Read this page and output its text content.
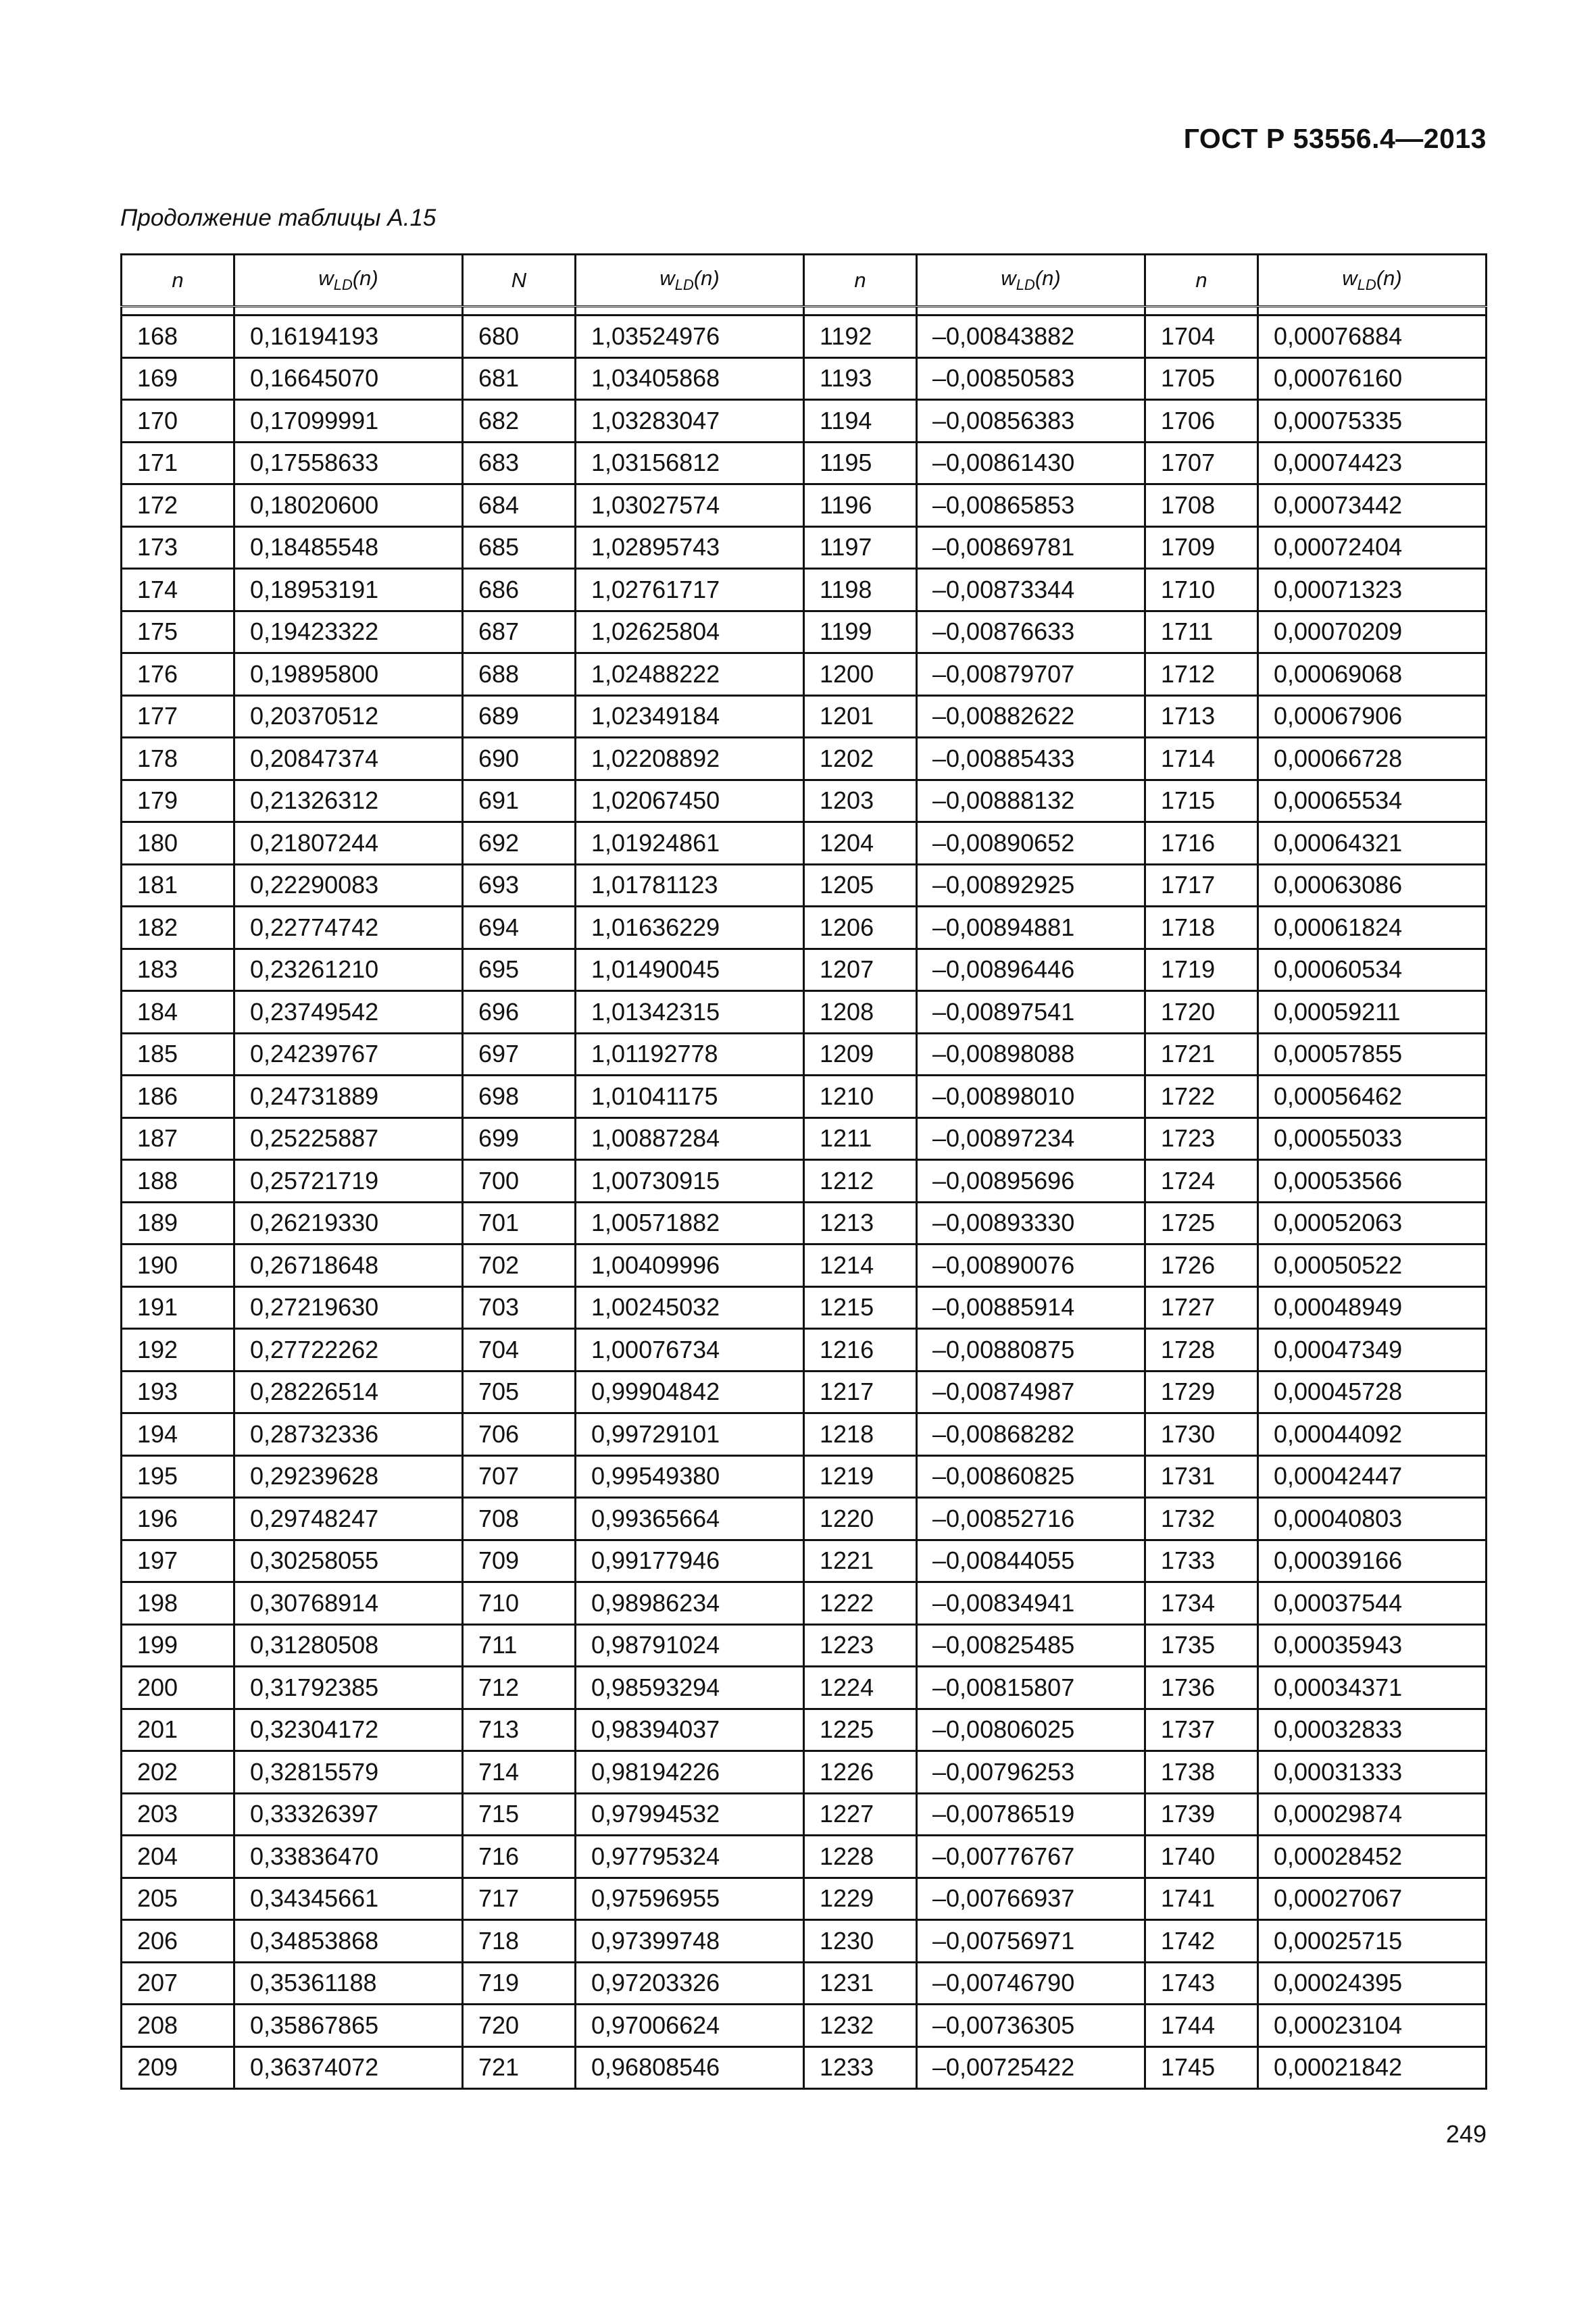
ГОСТ Р 53556.4—2013
Продолжение таблицы А.15
n	$w_{LD}(n)$	N	$w_{LD}(n)$	n	$w_{LD}(n)$	n	$w_{LD}(n)$

168	0,16194193	680	1,03524976	1192	–0,00843882	1704	0,00076884
169	0,16645070	681	1,03405868	1193	–0,00850583	1705	0,00076160
170	0,17099991	682	1,03283047	1194	–0,00856383	1706	0,00075335
171	0,17558633	683	1,03156812	1195	–0,00861430	1707	0,00074423
172	0,18020600	684	1,03027574	1196	–0,00865853	1708	0,00073442
173	0,18485548	685	1,02895743	1197	–0,00869781	1709	0,00072404
174	0,18953191	686	1,02761717	1198	–0,00873344	1710	0,00071323
175	0,19423322	687	1,02625804	1199	–0,00876633	1711	0,00070209
176	0,19895800	688	1,02488222	1200	–0,00879707	1712	0,00069068
177	0,20370512	689	1,02349184	1201	–0,00882622	1713	0,00067906
178	0,20847374	690	1,02208892	1202	–0,00885433	1714	0,00066728
179	0,21326312	691	1,02067450	1203	–0,00888132	1715	0,00065534
180	0,21807244	692	1,01924861	1204	–0,00890652	1716	0,00064321
181	0,22290083	693	1,01781123	1205	–0,00892925	1717	0,00063086
182	0,22774742	694	1,01636229	1206	–0,00894881	1718	0,00061824
183	0,23261210	695	1,01490045	1207	–0,00896446	1719	0,00060534
184	0,23749542	696	1,01342315	1208	–0,00897541	1720	0,00059211
185	0,24239767	697	1,01192778	1209	–0,00898088	1721	0,00057855
186	0,24731889	698	1,01041175	1210	–0,00898010	1722	0,00056462
187	0,25225887	699	1,00887284	1211	–0,00897234	1723	0,00055033
188	0,25721719	700	1,00730915	1212	–0,00895696	1724	0,00053566
189	0,26219330	701	1,00571882	1213	–0,00893330	1725	0,00052063
190	0,26718648	702	1,00409996	1214	–0,00890076	1726	0,00050522
191	0,27219630	703	1,00245032	1215	–0,00885914	1727	0,00048949
192	0,27722262	704	1,00076734	1216	–0,00880875	1728	0,00047349
193	0,28226514	705	0,99904842	1217	–0,00874987	1729	0,00045728
194	0,28732336	706	0,99729101	1218	–0,00868282	1730	0,00044092
195	0,29239628	707	0,99549380	1219	–0,00860825	1731	0,00042447
196	0,29748247	708	0,99365664	1220	–0,00852716	1732	0,00040803
197	0,30258055	709	0,99177946	1221	–0,00844055	1733	0,00039166
198	0,30768914	710	0,98986234	1222	–0,00834941	1734	0,00037544
199	0,31280508	711	0,98791024	1223	–0,00825485	1735	0,00035943
200	0,31792385	712	0,98593294	1224	–0,00815807	1736	0,00034371
201	0,32304172	713	0,98394037	1225	–0,00806025	1737	0,00032833
202	0,32815579	714	0,98194226	1226	–0,00796253	1738	0,00031333
203	0,33326397	715	0,97994532	1227	–0,00786519	1739	0,00029874
204	0,33836470	716	0,97795324	1228	–0,00776767	1740	0,00028452
205	0,34345661	717	0,97596955	1229	–0,00766937	1741	0,00027067
206	0,34853868	718	0,97399748	1230	–0,00756971	1742	0,00025715
207	0,35361188	719	0,97203326	1231	–0,00746790	1743	0,00024395
208	0,35867865	720	0,97006624	1232	–0,00736305	1744	0,00023104
209	0,36374072	721	0,96808546	1233	–0,00725422	1745	0,00021842
249
